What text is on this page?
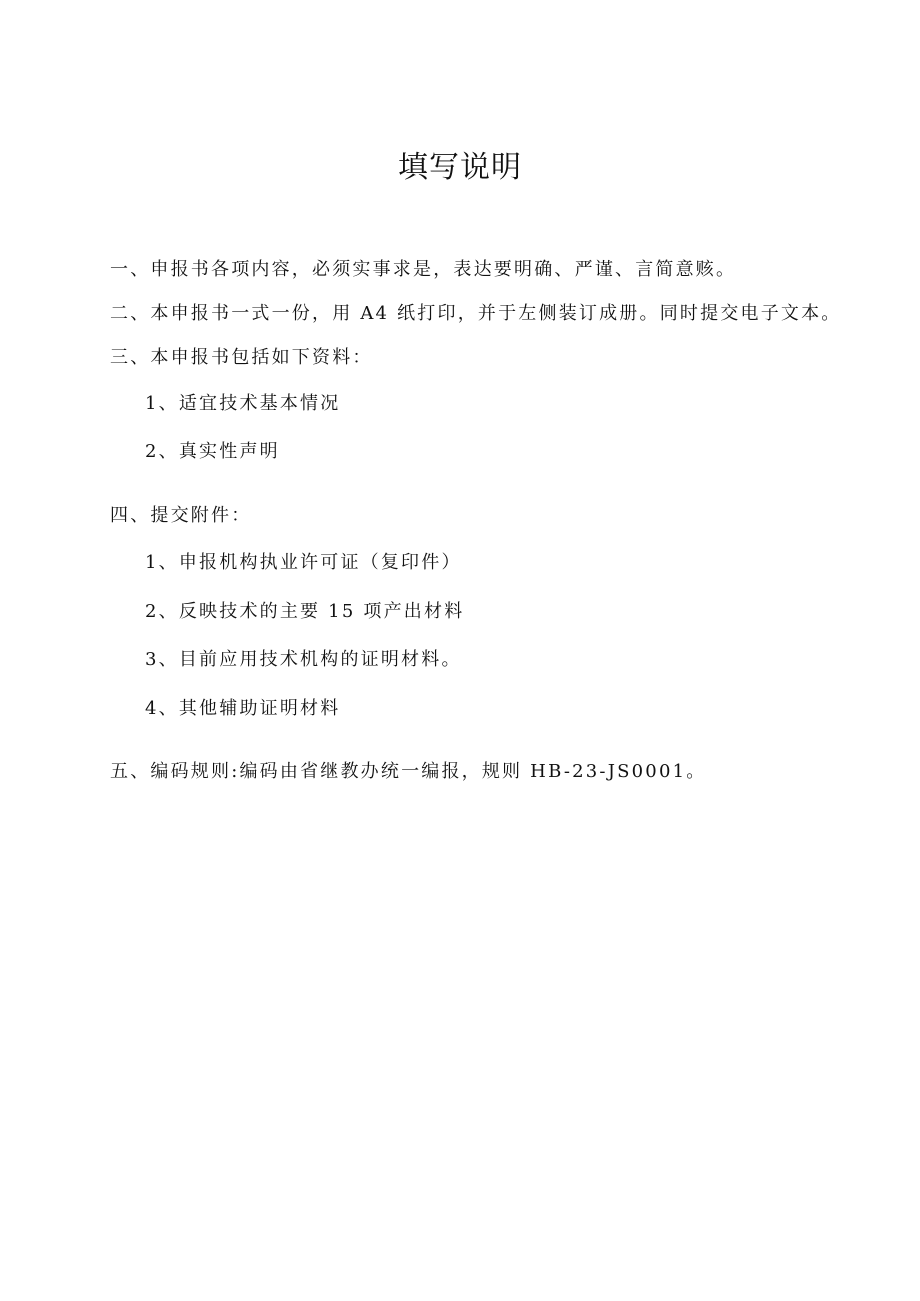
填写说明

一、申报书各项内容，必须实事求是，表达要明确、严谨、言简意赅。

二、本申报书一式一份，用 A4 纸打印，并于左侧装订成册。同时提交电子文本。

三、本申报书包括如下资料：

1、适宜技术基本情况

2、真实性声明

四、提交附件：

1、申报机构执业许可证（复印件）

2、反映技术的主要 15 项产出材料

3、目前应用技术机构的证明材料。

4、其他辅助证明材料

五、编码规则:编码由省继教办统一编报，规则 HB-23-JS0001。
